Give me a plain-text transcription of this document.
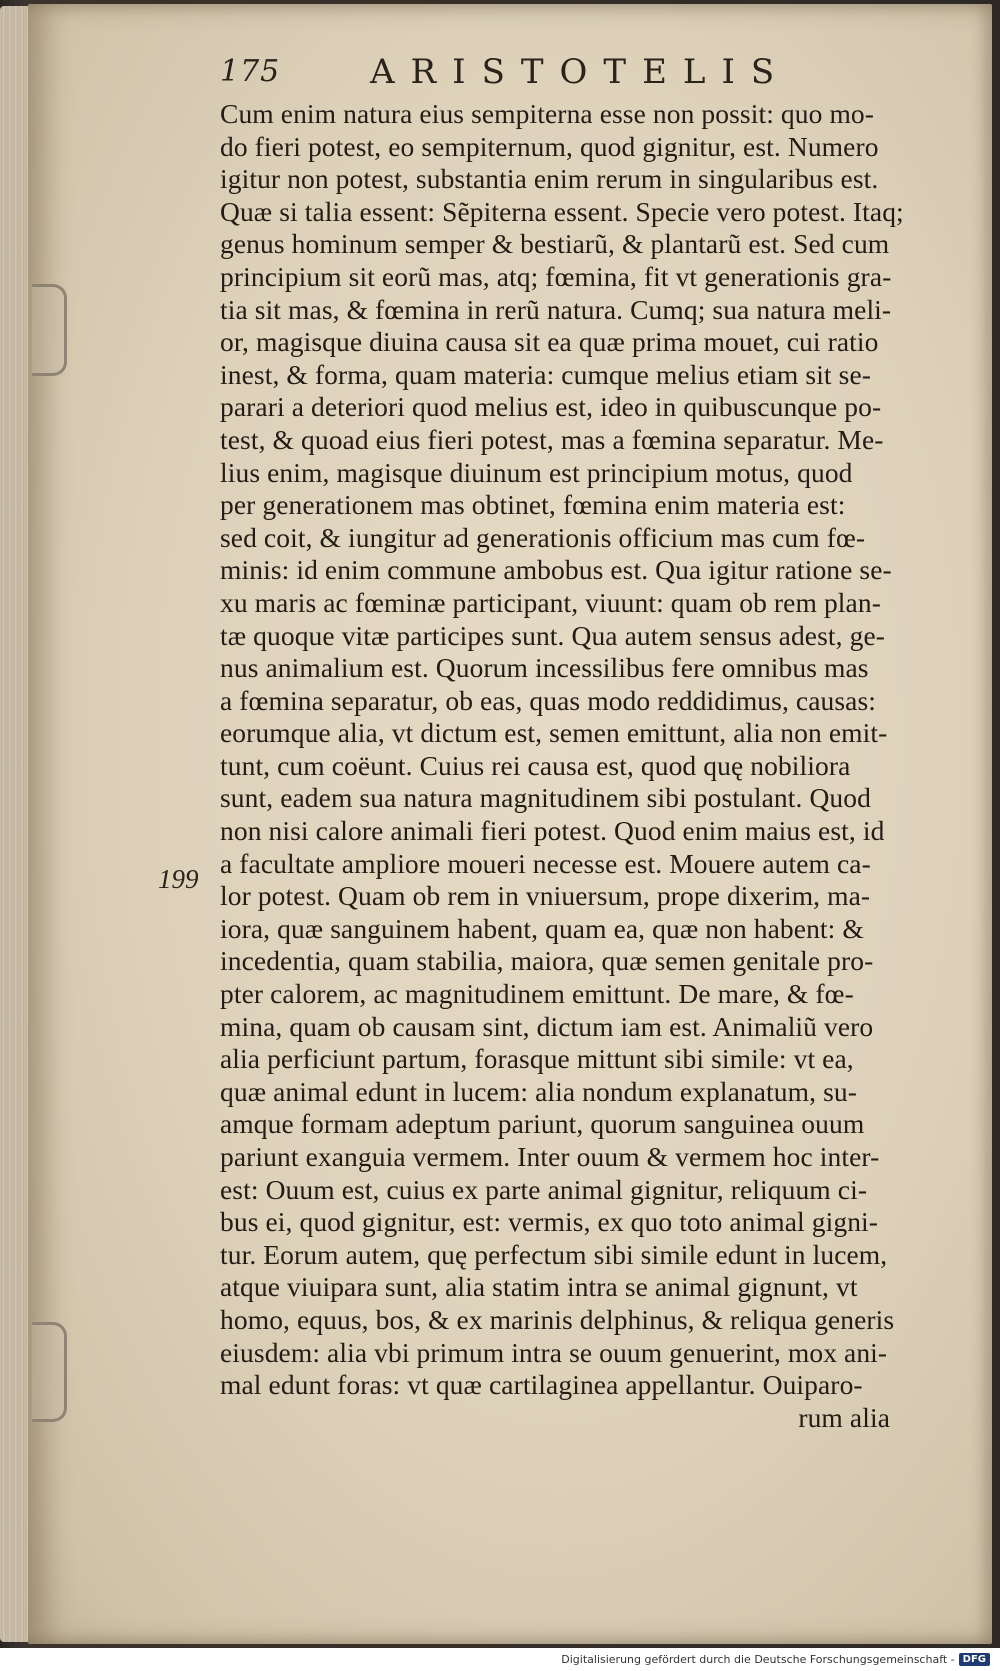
175	ARISTOTELIS
199
Cum enim natura eius sempiterna esse non possit: quo mo-
do fieri potest, eo sempiternum, quod gignitur, est. Numero
igitur non potest, substantia enim rerum in singularibus est.
Quæ si talia essent: Sẽpiterna essent. Specie vero potest. Itaq;
genus hominum semper & bestiarũ, & plantarũ est. Sed cum
principium sit eorũ mas, atq; fœmina, fit vt generationis gra-
tia sit mas, & fœmina in rerũ natura. Cumq; sua natura meli-
or, magisque diuina causa sit ea quæ prima mouet, cui ratio
inest, & forma, quam materia: cumque melius etiam sit se-
parari a deteriori quod melius est, ideo in quibuscunque po-
test, & quoad eius fieri potest, mas a fœmina separatur. Me-
lius enim, magisque diuinum est principium motus, quod
per generationem mas obtinet, fœmina enim materia est:
sed coit, & iungitur ad generationis officium mas cum fœ-
minis: id enim commune ambobus est. Qua igitur ratione se-
xu maris ac fœminæ participant, viuunt: quam ob rem plan-
tæ quoque vitæ participes sunt. Qua autem sensus adest, ge-
nus animalium est. Quorum incessilibus fere omnibus mas
a fœmina separatur, ob eas, quas modo reddidimus, causas:
eorumque alia, vt dictum est, semen emittunt, alia non emit-
tunt, cum coëunt. Cuius rei causa est, quod quę nobiliora
sunt, eadem sua natura magnitudinem sibi postulant. Quod
non nisi calore animali fieri potest. Quod enim maius est, id
a facultate ampliore moueri necesse est. Mouere autem ca-
lor potest. Quam ob rem in vniuersum, prope dixerim, ma-
iora, quæ sanguinem habent, quam ea, quæ non habent: &
incedentia, quam stabilia, maiora, quæ semen genitale pro-
pter calorem, ac magnitudinem emittunt. De mare, & fœ-
mina, quam ob causam sint, dictum iam est. Animaliũ vero
alia perficiunt partum, forasque mittunt sibi simile: vt ea,
quæ animal edunt in lucem: alia nondum explanatum, su-
amque formam adeptum pariunt, quorum sanguinea ouum
pariunt exanguia vermem. Inter ouum & vermem hoc inter-
est: Ouum est, cuius ex parte animal gignitur, reliquum ci-
bus ei, quod gignitur, est: vermis, ex quo toto animal gigni-
tur. Eorum autem, quę perfectum sibi simile edunt in lucem,
atque viuipara sunt, alia statim intra se animal gignunt, vt
homo, equus, bos, & ex marinis delphinus, & reliqua generis
eiusdem: alia vbi primum intra se ouum genuerint, mox ani-
mal edunt foras: vt quæ cartilaginea appellantur. Ouiparo-
rum alia
Digitalisierung gefördert durch die Deutsche Forschungsgemeinschaft - DFG
